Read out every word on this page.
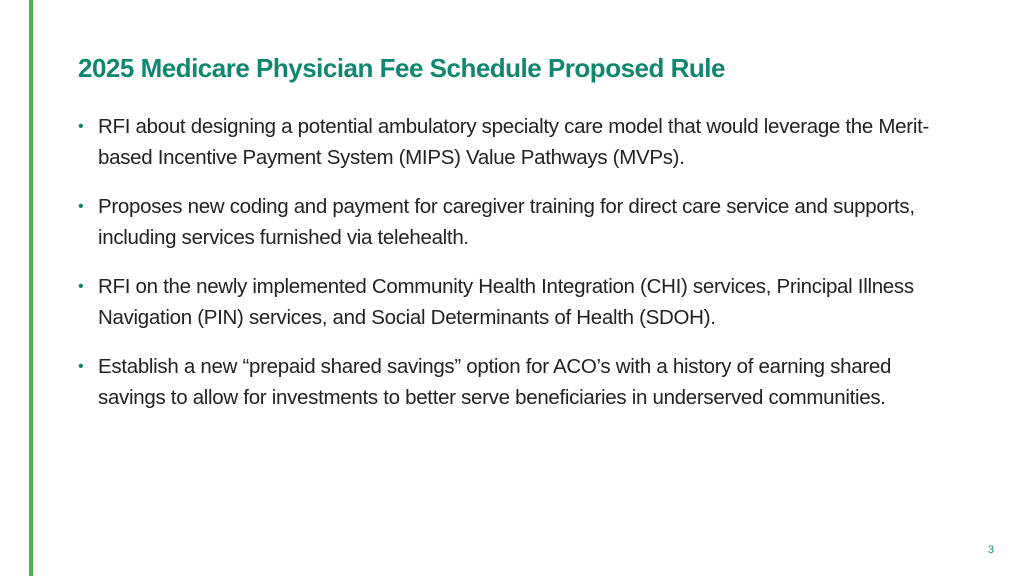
2025 Medicare Physician Fee Schedule Proposed Rule
• RFI about designing a potential ambulatory specialty care model that would leverage the Merit-based Incentive Payment System (MIPS) Value Pathways (MVPs).
• Proposes new coding and payment for caregiver training for direct care service and supports, including services furnished via telehealth.
• RFI on the newly implemented Community Health Integration (CHI) services, Principal Illness Navigation (PIN) services, and Social Determinants of Health (SDOH).
• Establish a new “prepaid shared savings” option for ACO’s with a history of earning shared savings to allow for investments to better serve beneficiaries in underserved communities.
3
